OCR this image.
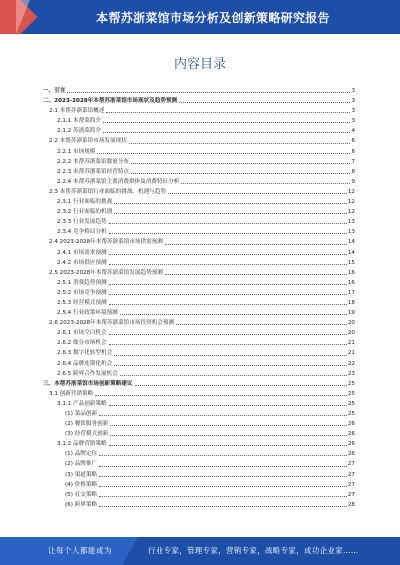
本帮苏浙菜馆市场分析及创新策略研究报告
内容目录
一、引言	3
二、2023-2028年本帮苏浙菜馆市场现状及趋势预测	3
2.1 本帮苏浙菜馆概述	3
2.1.1 本帮菜简介	3
2.1.2 苏浙菜简介	4
2.2 本帮苏浙菜馆市场发展现状	6
2.2.1 市场规模	6
2.2.2 本帮苏浙菜馆数量分布	7
2.2.3 本帮苏浙菜馆经营特点	8
2.2.4 本帮苏浙菜馆主要消费群体及消费特征分析	9
2.3 本帮苏浙菜馆行业面临的挑战、机遇与趋势	12
2.3.1 行业面临的挑战	12
2.3.2 行业面临的机遇	12
2.3.3 行业发展趋势	13
2.3.4 竞争格局分析	13
2.4 2023-2028年本帮苏浙菜馆市场供需预测	14
2.4.1 市场需求预测	14
2.4.2 市场供应预测	15
2.5 2023-2028年本帮苏浙菜馆发展趋势预测	16
2.5.1 消费趋势预测	16
2.5.2 市场竞争预测	17
2.5.3 经营模式预测	18
2.5.4 行业政策环境预测	19
2.6 2023-2028年本帮苏浙菜馆市场投资机会预测	20
2.6.1 市场空白机会	20
2.6.2 细分市场机会	21
2.6.3 数字化转型机会	21
2.6.4 品牌连锁化机会	22
2.6.5 跨界合作发展机会	23
三、本帮苏浙菜馆市场创新策略建议	25
3.1 创新营销策略	25
3.1.1 产品创新策略	25
(1) 菜品创新	25
(2) 餐饮服务创新	26
(3) 经营模式创新	26
3.1.2 品牌营销策略	26
(1) 品牌定位	26
(2) 品牌推广	27
(3) 渠道策略	27
(4) 价格策略	27
(5) 社交策略	27
(6) 跨界策略	28
让每个人都能成为	行业专家，管理专家，营销专家，战略专家，成功企业家……
